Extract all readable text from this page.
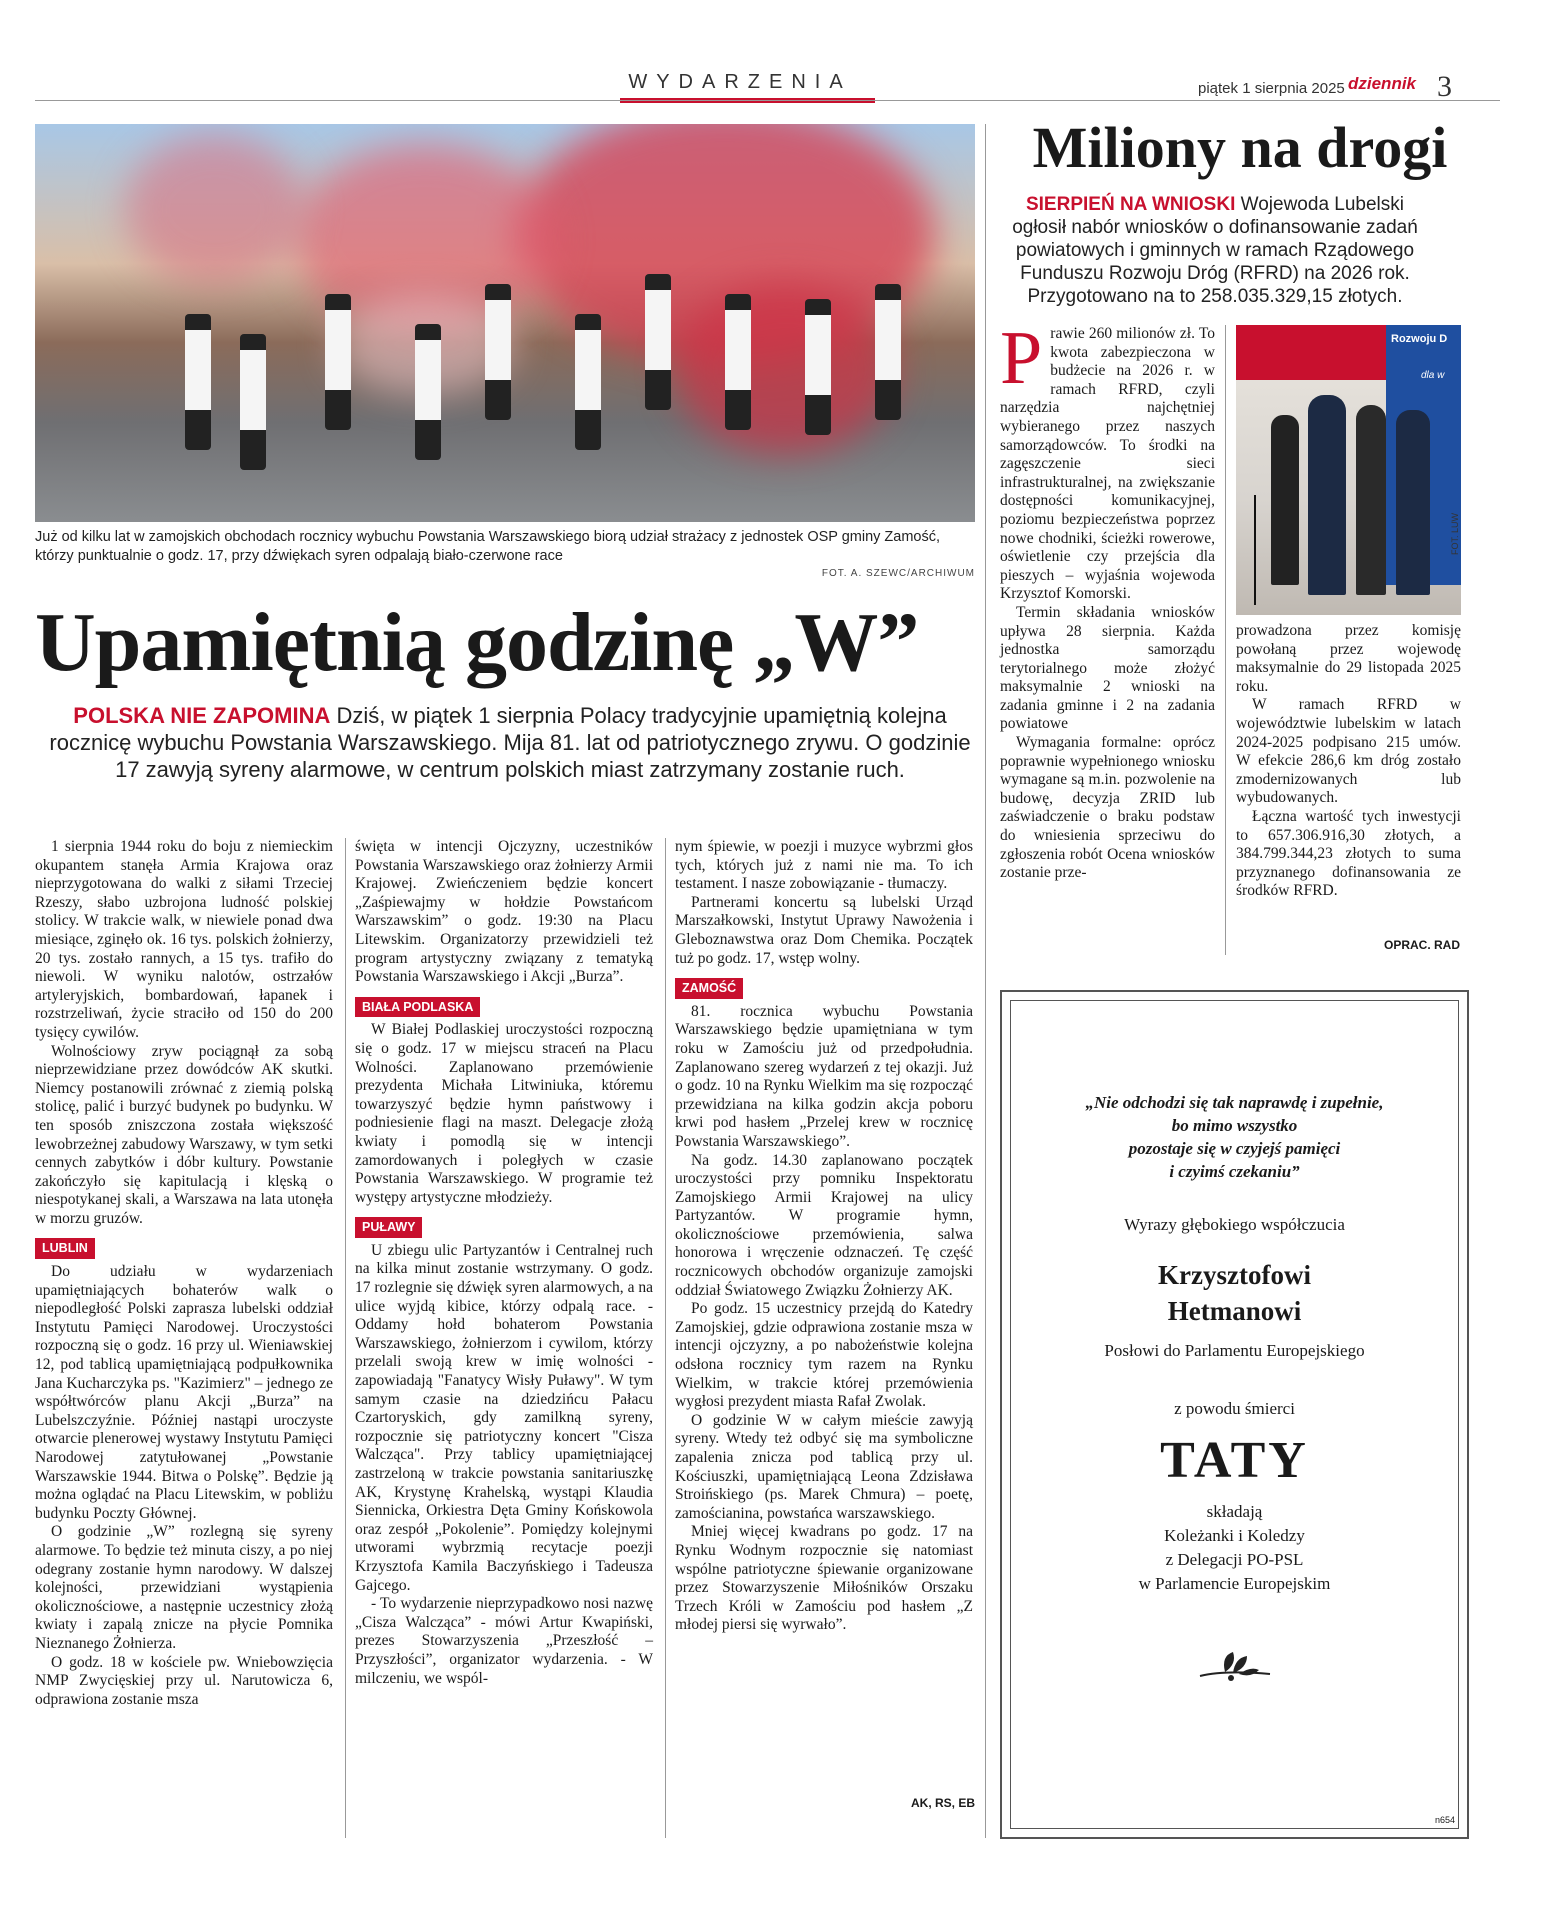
WYDARZENIA	piątek 1 sierpnia 2025 dziennik 3
Już od kilku lat w zamojskich obchodach rocznicy wybuchu Powstania Warszawskiego biorą udział strażacy z jednostek OSP gminy Zamość, którzy punktualnie o godz. 17, przy dźwiękach syren odpalają biało-czerwone race
FOT. A. SZEWC/ARCHIWUM
Upamiętnią godzinę „W”
POLSKA NIE ZAPOMINA Dziś, w piątek 1 sierpnia Polacy tradycyjnie upamiętnią kolejna rocznicę wybuchu Powstania Warszawskiego. Mija 81. lat od patriotycznego zrywu. O godzinie 17 zawyją syreny alarmowe, w centrum polskich miast zatrzymany zostanie ruch.

1 sierpnia 1944 roku do boju z niemieckim okupantem stanęła Armia Krajowa oraz nieprzygotowana do walki z siłami Trzeciej Rzeszy, słabo uzbrojona ludność polskiej stolicy. W trakcie walk, w niewiele ponad dwa miesiące, zginęło ok. 16 tys. polskich żołnierzy, 20 tys. zostało rannych, a 15 tys. trafiło do niewoli. W wyniku nalotów, ostrzałów artyleryjskich, bombardowań, łapanek i rozstrzeliwań, życie straciło od 150 do 200 tysięcy cywilów.

Wolnościowy zryw pociągnął za sobą nieprzewidziane przez dowódców AK skutki. Niemcy postanowili zrównać z ziemią polską stolicę, palić i burzyć budynek po budynku. W ten sposób zniszczona została większość lewobrzeżnej zabudowy Warszawy, w tym setki cennych zabytków i dóbr kultury. Powstanie zakończyło się kapitulacją i klęską o niespotykanej skali, a Warszawa na lata utonęła w morzu gruzów.

LUBLIN

Do udziału w wydarzeniach upamiętniających bohaterów walk o niepodległość Polski zaprasza lubelski oddział Instytutu Pamięci Narodowej. Uroczystości rozpoczną się o godz. 16 przy ul. Wieniawskiej 12, pod tablicą upamiętniającą podpułkownika Jana Kucharczyka ps. "Kazimierz" – jednego ze współtwórców planu Akcji „Burza” na Lubelszczyźnie. Później nastąpi uroczyste otwarcie plenerowej wystawy Instytutu Pamięci Narodowej zatytułowanej „Powstanie Warszawskie 1944. Bitwa o Polskę”. Będzie ją można oglądać na Placu Litewskim, w pobliżu budynku Poczty Głównej.

O godzinie „W” rozlegną się syreny alarmowe. To będzie też minuta ciszy, a po niej odegrany zostanie hymn narodowy. W dalszej kolejności, przewidziani wystąpienia okolicznościowe, a następnie uczestnicy złożą kwiaty i zapalą znicze na płycie Pomnika Nieznanego Żołnierza.

O godz. 18 w kościele pw. Wniebowzięcia NMP Zwycięskiej przy ul. Narutowicza 6, odprawiona zostanie msza

święta w intencji Ojczyzny, uczestników Powstania Warszawskiego oraz żołnierzy Armii Krajowej. Zwieńczeniem będzie koncert „Zaśpiewajmy w hołdzie Powstańcom Warszawskim” o godz. 19:30 na Placu Litewskim. Organizatorzy przewidzieli też program artystyczny związany z tematyką Powstania Warszawskiego i Akcji „Burza”.

BIAŁA PODLASKA

W Białej Podlaskiej uroczystości rozpoczną się o godz. 17 w miejscu straceń na Placu Wolności. Zaplanowano przemówienie prezydenta Michała Litwiniuka, któremu towarzyszyć będzie hymn państwowy i podniesienie flagi na maszt. Delegacje złożą kwiaty i pomodlą się w intencji zamordowanych i poległych w czasie Powstania Warszawskiego. W programie też występy artystyczne młodzieży.

PUŁAWY

U zbiegu ulic Partyzantów i Centralnej ruch na kilka minut zostanie wstrzymany. O godz. 17 rozlegnie się dźwięk syren alarmowych, a na ulice wyjdą kibice, którzy odpalą race. - Oddamy hołd bohaterom Powstania Warszawskiego, żołnierzom i cywilom, którzy przelali swoją krew w imię wolności - zapowiadają "Fanatycy Wisły Puławy". W tym samym czasie na dziedzińcu Pałacu Czartoryskich, gdy zamilkną syreny, rozpocznie się patriotyczny koncert "Cisza Walcząca". Przy tablicy upamiętniającej zastrzeloną w trakcie powstania sanitariuszkę AK, Krystynę Krahelską, wystąpi Klaudia Siennicka, Orkiestra Dęta Gminy Końskowola oraz zespół „Pokolenie”. Pomiędzy kolejnymi utworami wybrzmią recytacje poezji Krzysztofa Kamila Baczyńskiego i Tadeusza Gajcego.

- To wydarzenie nieprzypadkowo nosi nazwę „Cisza Walcząca” - mówi Artur Kwapiński, prezes Stowarzyszenia „Przeszłość – Przyszłości”, organizator wydarzenia. - W milczeniu, we wspól-

nym śpiewie, w poezji i muzyce wybrzmi głos tych, których już z nami nie ma. To ich testament. I nasze zobowiązanie - tłumaczy.

Partnerami koncertu są lubelski Urząd Marszałkowski, Instytut Uprawy Nawożenia i Gleboznawstwa oraz Dom Chemika. Początek tuż po godz. 17, wstęp wolny.

ZAMOŚĆ

81. rocznica wybuchu Powstania Warszawskiego będzie upamiętniana w tym roku w Zamościu już od przedpołudnia. Zaplanowano szereg wydarzeń z tej okazji. Już o godz. 10 na Rynku Wielkim ma się rozpocząć przewidziana na kilka godzin akcja poboru krwi pod hasłem „Przelej krew w rocznicę Powstania Warszawskiego”.

Na godz. 14.30 zaplanowano początek uroczystości przy pomniku Inspektoratu Zamojskiego Armii Krajowej na ulicy Partyzantów. W programie hymn, okolicznościowe przemówienia, salwa honorowa i wręczenie odznaczeń. Tę część rocznicowych obchodów organizuje zamojski oddział Światowego Związku Żołnierzy AK.

Po godz. 15 uczestnicy przejdą do Katedry Zamojskiej, gdzie odprawiona zostanie msza w intencji ojczyzny, a po nabożeństwie kolejna odsłona rocznicy tym razem na Rynku Wielkim, w trakcie której przemówienia wygłosi prezydent miasta Rafał Zwolak.

O godzinie W w całym mieście zawyją syreny. Wtedy też odbyć się ma symboliczne zapalenia znicza pod tablicą przy ul. Kościuszki, upamiętniającą Leona Zdzisława Stroińskiego (ps. Marek Chmura) – poetę, zamościanina, powstańca warszawskiego.

Mniej więcej kwadrans po godz. 17 na Rynku Wodnym rozpocznie się natomiast wspólne patriotyczne śpiewanie organizowane przez Stowarzyszenie Miłośników Orszaku Trzech Króli w Zamościu pod hasłem „Z młodej piersi się wyrwało”.

AK, RS, EB
Miliony na drogi
SIERPIEŃ NA WNIOSKI Wojewoda Lubelski ogłosił nabór wniosków o dofinansowanie zadań powiatowych i gminnych w ramach Rządowego Funduszu Rozwoju Dróg (RFRD) na 2026 rok. Przygotowano na to 258.035.329,15 złotych.

Prawie 260 milionów zł. To kwota zabezpieczona w budżecie na 2026 r. w ramach RFRD, czyli narzędzia najchętniej wybieranego przez naszych samorządowców. To środki na zagęszczenie sieci infrastrukturalnej, na zwiększanie dostępności komunikacyjnej, poziomu bezpieczeństwa poprzez nowe chodniki, ścieżki rowerowe, oświetlenie czy przejścia dla pieszych – wyjaśnia wojewoda Krzysztof Komorski.

Termin składania wniosków upływa 28 sierpnia. Każda jednostka samorządu terytorialnego może złożyć maksymalnie 2 wnioski na zadania gminne i 2 na zadania powiatowe

Wymagania formalne: oprócz poprawnie wypełnionego wniosku wymagane są m.in. pozwolenie na budowę, decyzja ZRID lub zaświadczenie o braku podstaw do wniesienia sprzeciwu do zgłoszenia robót Ocena wniosków zostanie prze-

Rozwoju D
dla w
FOT. LUW

prowadzona przez komisję powołaną przez wojewodę maksymalnie do 29 listopada 2025 roku.

W ramach RFRD w województwie lubelskim w latach 2024-2025 podpisano 215 umów. W efekcie 286,6 km dróg zostało zmodernizowanych lub wybudowanych.

Łączna wartość tych inwestycji to 657.306.916,30 złotych, a 384.799.344,23 złotych to suma przyznanego dofinansowania ze środków RFRD.

OPRAC. RAD
„Nie odchodzi się tak naprawdę i zupełnie,
bo mimo wszystko
pozostaje się w czyjejś pamięci
i czyimś czekaniu”
Wyrazy głębokiego współczucia
Krzysztofowi
Hetmanowi
Posłowi do Parlamentu Europejskiego
z powodu śmierci
TATY
składają
Koleżanki i Koledzy
z Delegacji PO-PSL
w Parlamencie Europejskim
n654
